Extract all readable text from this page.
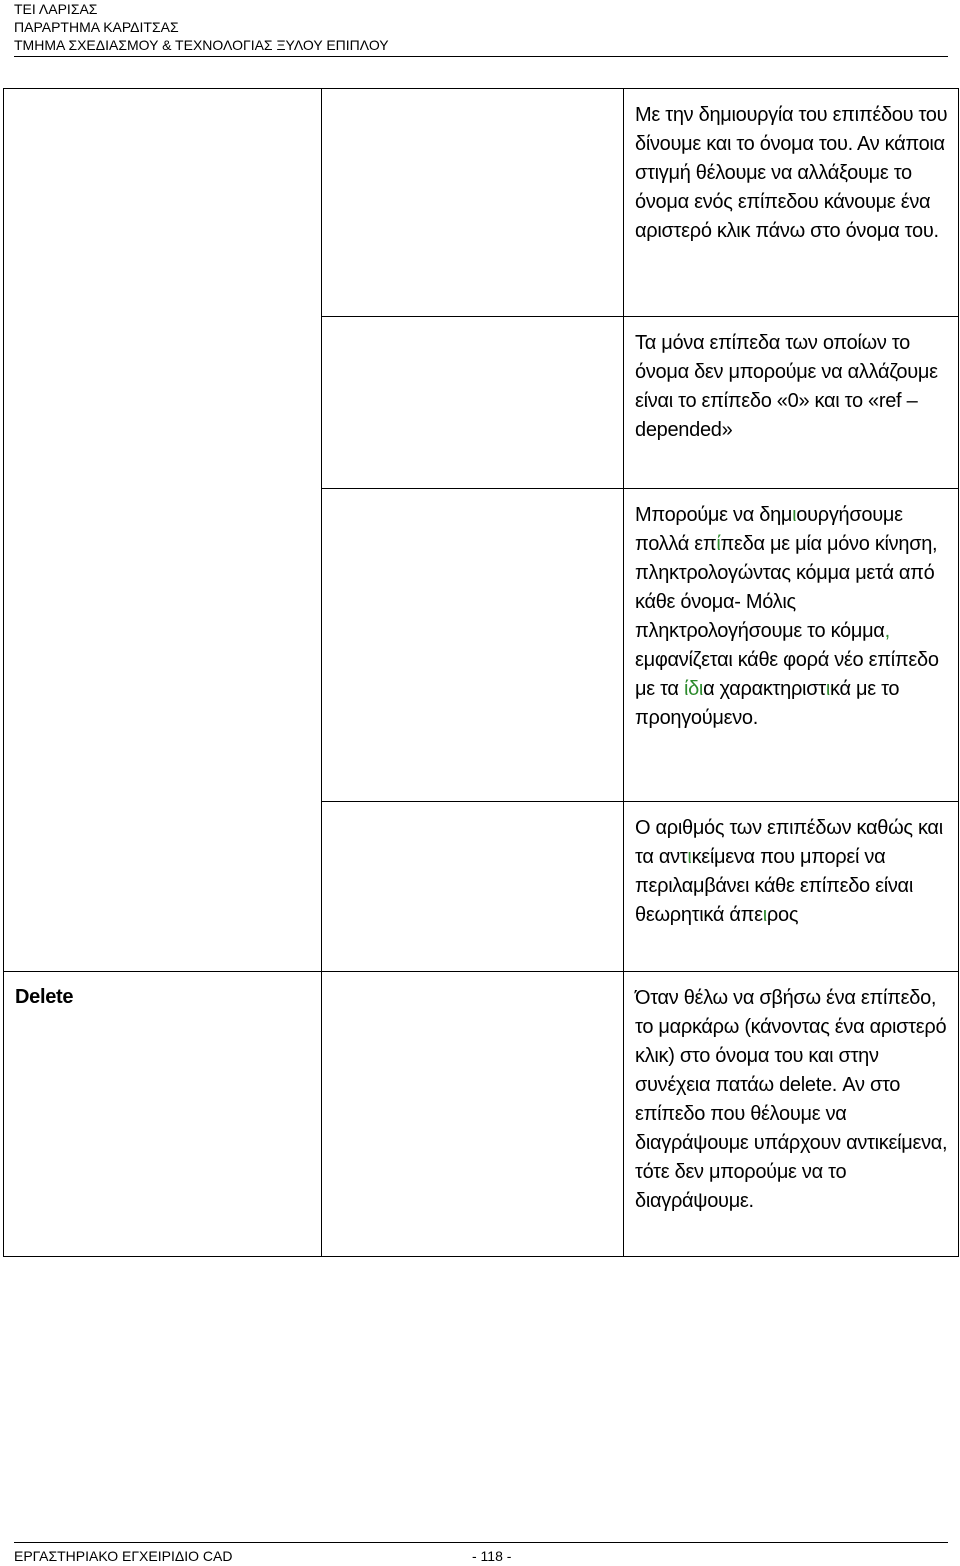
ΤΕΙ ΛΑΡΙΣΑΣ
ΠΑΡΑΡΤΗΜΑ ΚΑΡΔΙΤΣΑΣ
ΤΜΗΜΑ ΣΧΕΔΙΑΣΜΟΥ & ΤΕΧΝΟΛΟΓΙΑΣ ΞΥΛΟΥ ΕΠΙΠΛΟΥ

		Με την δημιουργία του επιπέδου του δίνουμε και το όνομα του. Αν κάποια στιγμή θέλουμε να αλλάξουμε το όνομα ενός επίπεδου κάνουμε ένα αριστερό κλικ πάνω στο όνομα του.

		Τα μόνα επίπεδα των οποίων το όνομα δεν μπορούμε να αλλάζουμε είναι το επίπεδο «0» και το «ref – depended»

		Μπορούμε να δημιουργήσουμε πολλά επίπεδα με μία μόνο κίνηση, πληκτρολογώντας κόμμα μετά από κάθε όνομα- Μόλις πληκτρολογήσουμε το κόμμα, εμφανίζεται κάθε φορά νέο επίπεδο με τα ίδια χαρακτηριστικά με το προηγούμενο.

		Ο αριθμός των επιπέδων καθώς και τα αντικείμενα που μπορεί να περιλαμβάνει κάθε επίπεδο είναι θεωρητικά άπειρος

Delete		Όταν θέλω να σβήσω ένα επίπεδο, το μαρκάρω (κάνοντας ένα αριστερό κλικ) στο όνομα του και στην συνέχεια πατάω delete. Αν στο επίπεδο που θέλουμε να διαγράψουμε υπάρχουν αντικείμενα, τότε δεν μπορούμε να το διαγράψουμε.
ΕΡΓΑΣΤΗΡΙΑΚΟ ΕΓΧΕΙΡΙΔΙΟ CAD	- 118 -
